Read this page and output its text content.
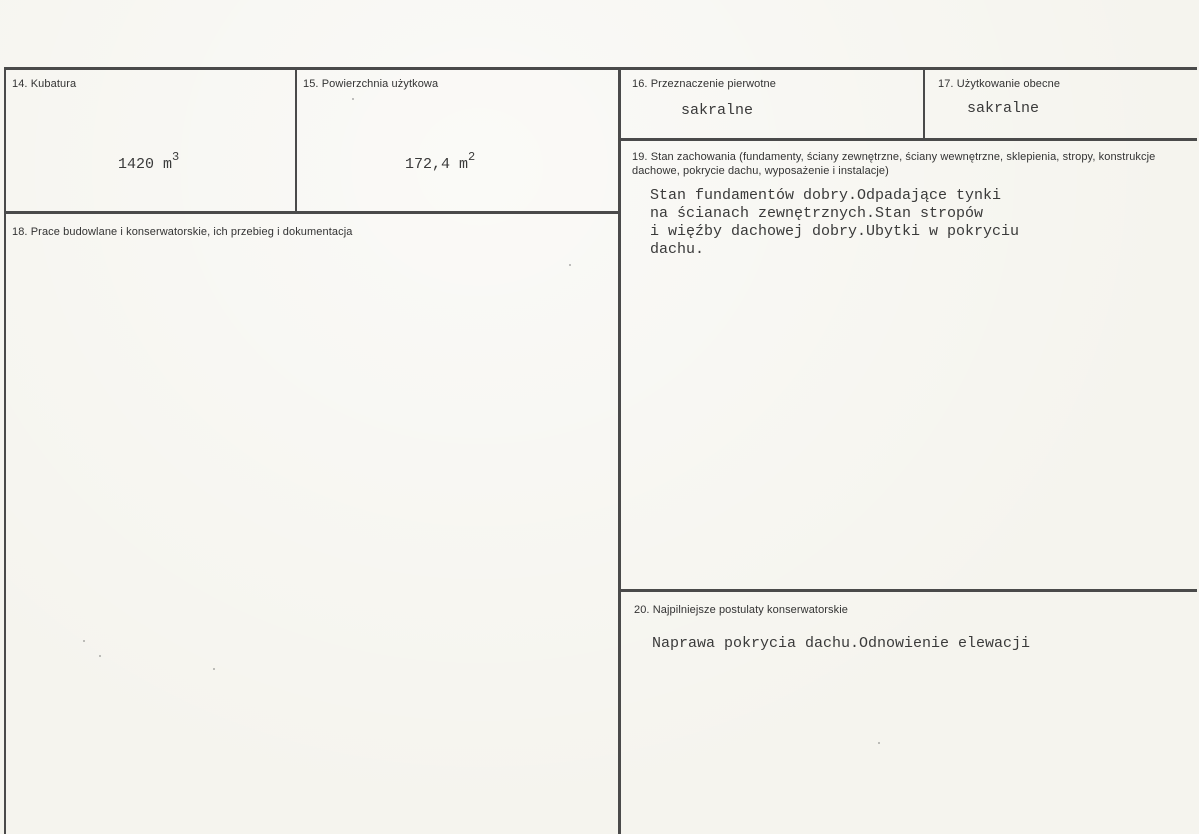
14. Kubatura
1420 $m^3$
15. Powierzchnia użytkowa
172,4 $m^2$
16. Przeznaczenie pierwotne
sakralne
17. Użytkowanie obecne
sakralne
18. Prace budowlane i konserwatorskie, ich przebieg i dokumentacja
19. Stan zachowania (fundamenty, ściany zewnętrzne, ściany wewnętrzne, sklepienia, stropy, konstrukcje dachowe, pokrycie dachu, wyposażenie i instalacje)
Stan fundamentów dobry.Odpadające tynki
na ścianach zewnętrznych.Stan stropów
i więźby dachowej dobry.Ubytki w pokryciu
dachu.
20. Najpilniejsze postulaty konserwatorskie
Naprawa pokrycia dachu.Odnowienie elewacji
